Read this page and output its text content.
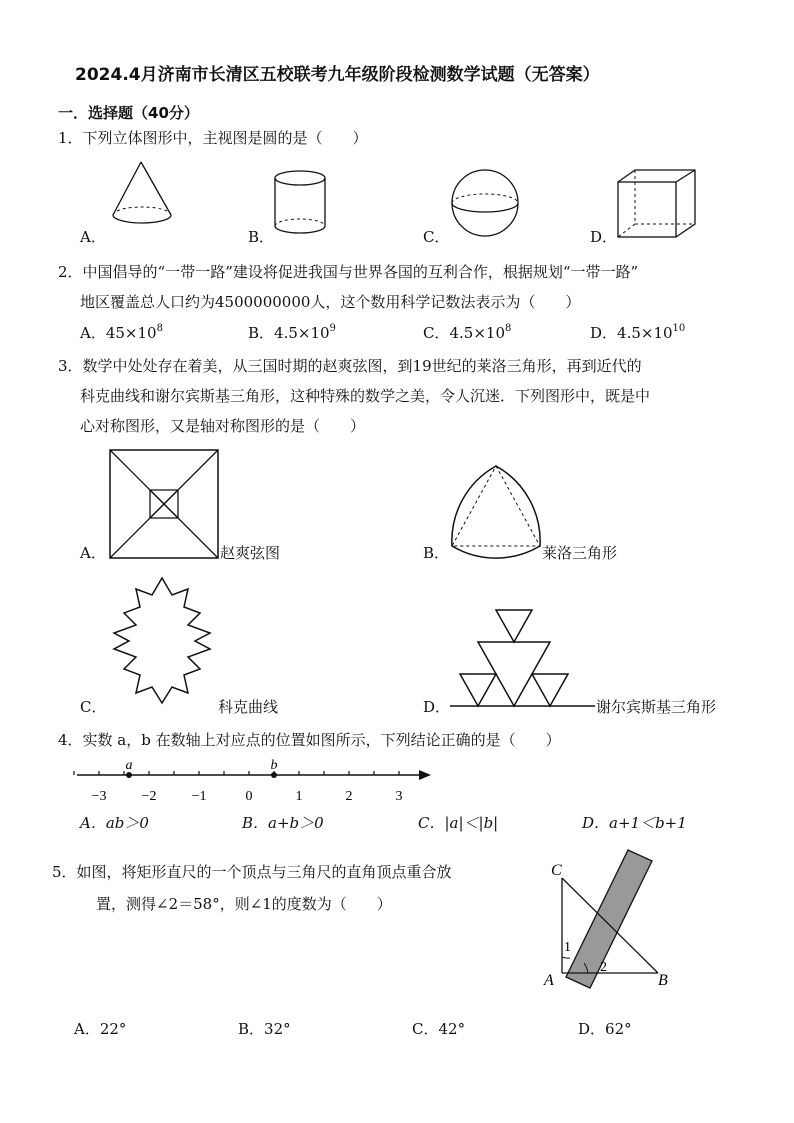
2024.4月济南市长清区五校联考九年级阶段检测数学试题（无答案）
一．选择题（40分）
1．下列立体图形中，主视图是圆的是（　　）
A．	B．	C．	D．
2．中国倡导的“一带一路”建设将促进我国与世界各国的互利合作，根据规划“一带一路”
地区覆盖总人口约为4500000000人，这个数用科学记数法表示为（　　）
A．$45\times 10^8$	B．$4.5\times 10^9$	C．$4.5\times 10^8$	D．$4.5\times 10^{10}$
3．数学中处处存在着美，从三国时期的赵爽弦图，到19世纪的莱洛三角形，再到近代的
科克曲线和谢尔宾斯基三角形，这种特殊的数学之美，令人沉迷．下列图形中，既是中
心对称图形，又是轴对称图形的是（　　）
A．	赵爽弦图	B．	莱洛三角形
C．	科克曲线	D．	谢尔宾斯基三角形
4．实数 a，b 在数轴上对应点的位置如图所示，下列结论正确的是（　　）
−3	−2	−1	0	1	2	3
a	b
A．ab＞0	B．a+b＞0	C．|a|＜|b|	D．a+1＜b+1
5．如图，将矩形直尺的一个顶点与三角尺的直角顶点重合放
置，测得∠2＝58°，则∠1的度数为（　　）
C
A	B
1
2
A．22°	B．32°	C．42°	D．62°
